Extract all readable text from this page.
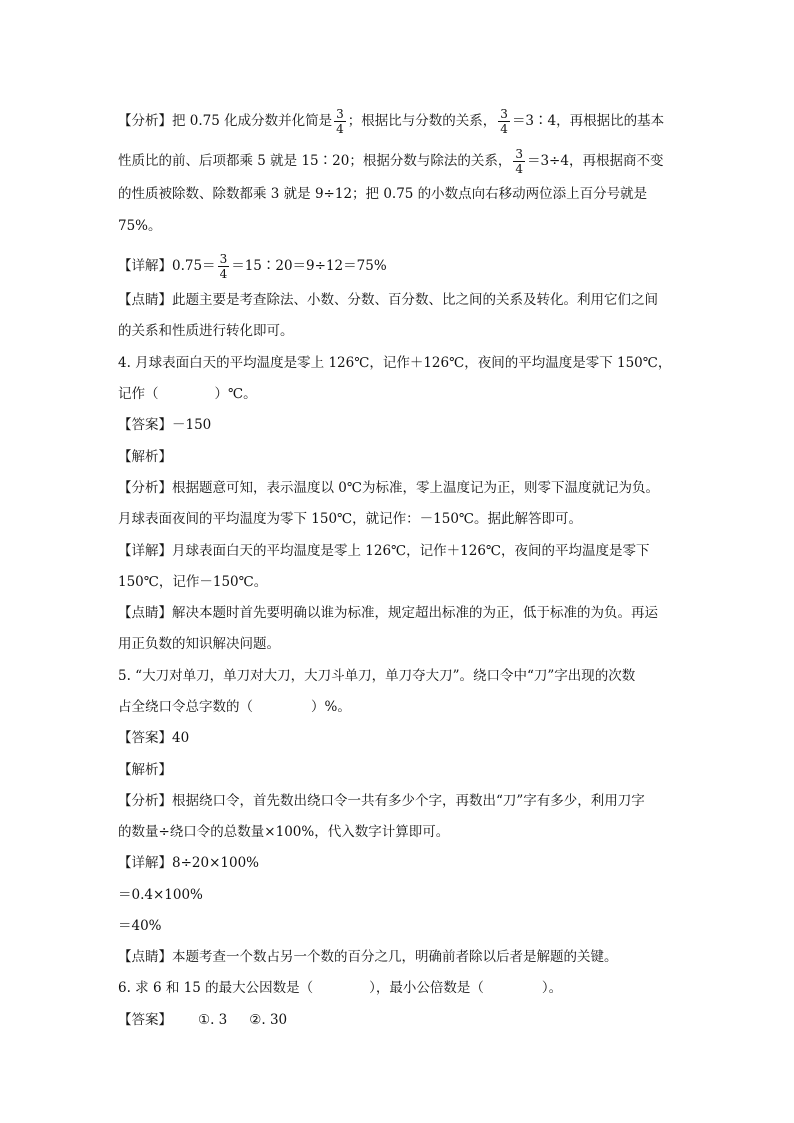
【分析】把 0.75 化成分数并化简是 $\frac{3}{4}$ ；根据比与分数的关系， $\frac{3}{4}$ ＝3∶4，再根据比的基本
性质比的前、后项都乘 5 就是 15∶20；根据分数与除法的关系， $\frac{3}{4} =3\div 4$，再根据商不变
的性质被除数、除数都乘 3 就是 9÷12；把 0.75 的小数点向右移动两位添上百分号就是
75%。
【详解】$0.75= \frac{3}{4}$ ＝15∶20＝9÷12＝75%
【点睛】此题主要是考查除法、小数、分数、百分数、比之间的关系及转化。利用它们之间
的关系和性质进行转化即可。
4. 月球表面白天的平均温度是零上 126℃，记作＋126℃，夜间的平均温度是零下 150℃，
记作（	）℃。
【答案】－150
【解析】
【分析】根据题意可知，表示温度以 0℃为标准，零上温度记为正，则零下温度就记为负。
月球表面夜间的平均温度为零下 150℃，就记作：－150℃。据此解答即可。
【详解】月球表面白天的平均温度是零上 126℃，记作＋126℃，夜间的平均温度是零下
150℃，记作－150℃。
【点睛】解决本题时首先要明确以谁为标准，规定超出标准的为正，低于标准的为负。再运
用正负数的知识解决问题。
5. “大刀对单刀，单刀对大刀，大刀斗单刀，单刀夺大刀”。绕口令中“刀”字出现的次数
占全绕口令总字数的（	）%。
【答案】40
【解析】
【分析】根据绕口令，首先数出绕口令一共有多少个字，再数出“刀”字有多少，利用刀字
的数量÷绕口令的总数量×100%，代入数字计算即可。
【详解】8÷20×100%
＝0.4×100%
＝40%
【点睛】本题考查一个数占另一个数的百分之几，明确前者除以后者是解题的关键。
6. 求 6 和 15 的最大公因数是（	），最小公倍数是（	）。
【答案】 ①. 3 ②. 30
